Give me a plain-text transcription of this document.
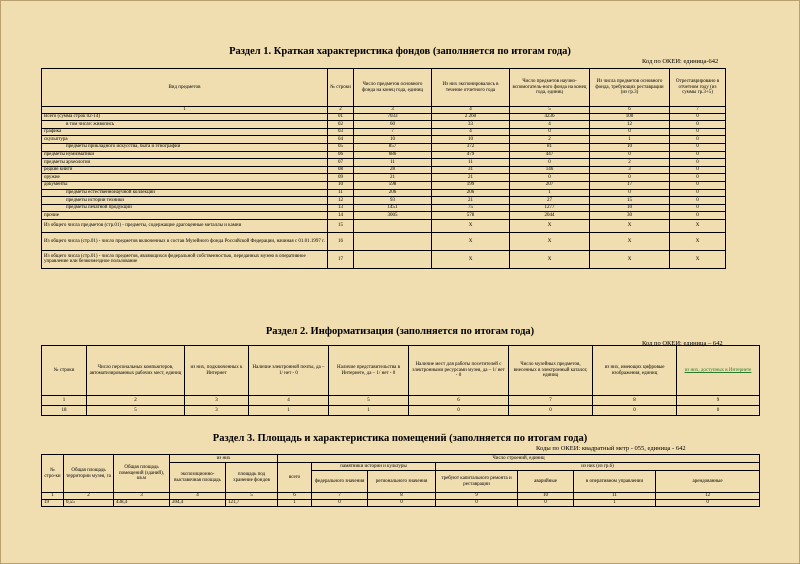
Раздел 1. Краткая характеристика фондов (заполняется по итогам года)
Код по ОКЕИ: единица-642
Вид предметов	№ строки	Число предметов основного фонда на конец года, единиц	Из них экспонировалось в течение отчетного года	Число предметов научно-вспомогатель-ного фонда на конец года, единиц	Из числа предметов основного фонда, требующих реставрации (из гр.3)	Отреставрировано в отчетном году (из суммы гр.3+5)
1	2	3	4	5	6	7
Всего (сумма строк 02-14)	01	7033	2 260	4236	100	0
в том числе: живопись	02	60	33	4	12	0
графика	03	7	4	0	0	0
скульптура	04	10	10	2	1	0
предметы прикладного искусства, быта и этнографии	05	857	372	81	10	0
предметы нумизматики	06	686	479	447	0	0
предметы археологии	07	11	11	0	2	0
редкие книги	08	28	31	146	3	0
оружие	09	21	21	0	0	0
документы	10	598	199	207	17	0
предметы естественнонаучной коллекции	11	206	206	1	0	0
предметы истории техники	12	93	21	27	15	0
предметы печатной продукции	13	1451	75	1277	10	0
прочие	14	3005	578	2044	30	0
Из общего числа предметов (стр.01) - предметы, содержащие драгоценные металлы и камни	15		X	X	X	X
Из общего числа (стр.01) - число предметов включенных в состав Музейного фонда Российской Федерации, начиная с 01.01.1997 г.	16		X	X	X	X
Из общего числа (стр.01) - число предметов, являющихся федеральной собственностью, переданных музею в оперативное управление или безвозмездное пользование	17		X	X	X	X
Раздел 2. Информатизация (заполняется по итогам года)
Код по ОКЕИ: единица – 642
№ строки	Число персональных компьютеров, автоматизированных рабочих мест, единиц	из них, подключенных к Интернет	Наличие электронной почты, да – 1/ нет - 0	Наличие представительства в Интернете, да – 1/ нет - 0	Наличие мест для работы посетителей с электронными ресурсами музея, да – 1/ нет - 0	Число музейных предметов, внесенных в электронный каталог, единиц	из них, имеющих цифровые изображения, единиц	из них, доступных в Интернете
1	2	3	4	5	6	7	8	9
18	5	3	1	1	0	0	0	0
Раздел 3. Площадь и характеристика помещений (заполняется по итогам года)
Коды по ОКЕИ: квадратный метр - 055, единица - 642
№ стро-ки	Общая площадь территории музея, га	Общая площадь помещений (зданий), кв.м	из них		Число строений, единиц						
			экспозиционно-выставочная площадь	площадь под хранение фондов	всего	памятники истории и культуры		из них (из гр.6)			
						федерального значения	регионального значения	требуют капитального ремонта и реставрации	аварийные	в оперативном управлении	арендованные
1	2	3	4	5	6	7	8	9	10	11	12
19	0,55	438,4	204,4	121,7	1	0	0	0	0	1	0
